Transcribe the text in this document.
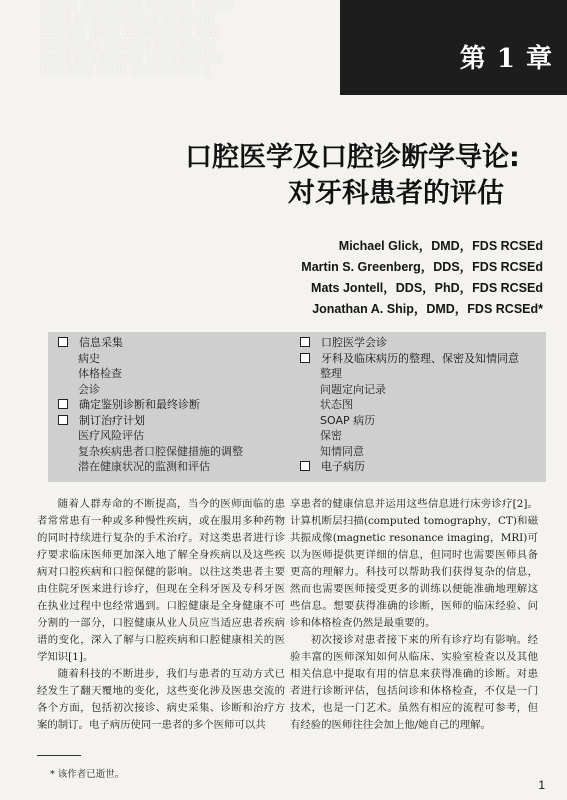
░░░░░ ░░░░░░░░ ░░░░░░ ░░░░░
░░░░ ░░░░░░░░░░░ ░░░░░░░
░░░░░░ ░░░░ ░░░░░░░░░ ░░░
░░░░░░░░ ░░░░░░ ░░░░░░░░
░░░░ ░░░░░░░░░ ░░░░░░░░░░
░░░░░░░ ░░░░ ░░░░░░░░░ ░	第 1 章
口腔医学及口腔诊断学导论:
对牙科患者的评估
Michael Glick，DMD，FDS RCSEd
Martin S. Greenberg，DDS，FDS RCSEd
Mats Jontell，DDS，PhD，FDS RCSEd
Jonathan A. Ship，DMD，FDS RCSEd*
信息采集
病史
体格检查
会诊
确定鉴别诊断和最终诊断
制订治疗计划
医疗风险评估
复杂疾病患者口腔保健措施的调整
潜在健康状况的监测和评估
口腔医学会诊
牙科及临床病历的整理、保密及知情同意
整理
问题定向记录
状态图
SOAP 病历
保密
知情同意
电子病历

随着人群寿命的不断提高，当今的医师面临的患者常常患有一种或多种慢性疾病，或在服用多种药物的同时持续进行复杂的手术治疗。对这类患者进行诊疗要求临床医师更加深入地了解全身疾病以及这些疾病对口腔疾病和口腔保健的影响。以往这类患者主要由住院牙医来进行诊疗，但现在全科牙医及专科牙医在执业过程中也经常遇到。口腔健康是全身健康不可分割的一部分，口腔健康从业人员应当适应患者疾病谱的变化，深入了解与口腔疾病和口腔健康相关的医学知识[1]。

随着科技的不断进步，我们与患者的互动方式已经发生了翻天覆地的变化，这些变化涉及医患交流的各个方面，包括初次接诊、病史采集、诊断和治疗方案的制订。电子病历使同一患者的多个医师可以共

享患者的健康信息并运用这些信息进行床旁诊疗[2]。计算机断层扫描(computed tomography，CT)和磁共振成像(magnetic resonance imaging，MRI)可以为医师提供更详细的信息，但同时也需要医师具备更高的理解力。科技可以帮助我们获得复杂的信息，然而也需要医师接受更多的训练以便能准确地理解这些信息。想要获得准确的诊断，医师的临床经验、问诊和体格检查仍然是最重要的。

初次接诊对患者接下来的所有诊疗均有影响。经验丰富的医师深知如何从临床、实验室检查以及其他相关信息中提取有用的信息来获得准确的诊断。对患者进行诊断评估，包括问诊和体格检查，不仅是一门技术，也是一门艺术。虽然有相应的流程可参考，但有经验的医师往往会加上他/她自己的理解。

* 该作者已逝世。
1
